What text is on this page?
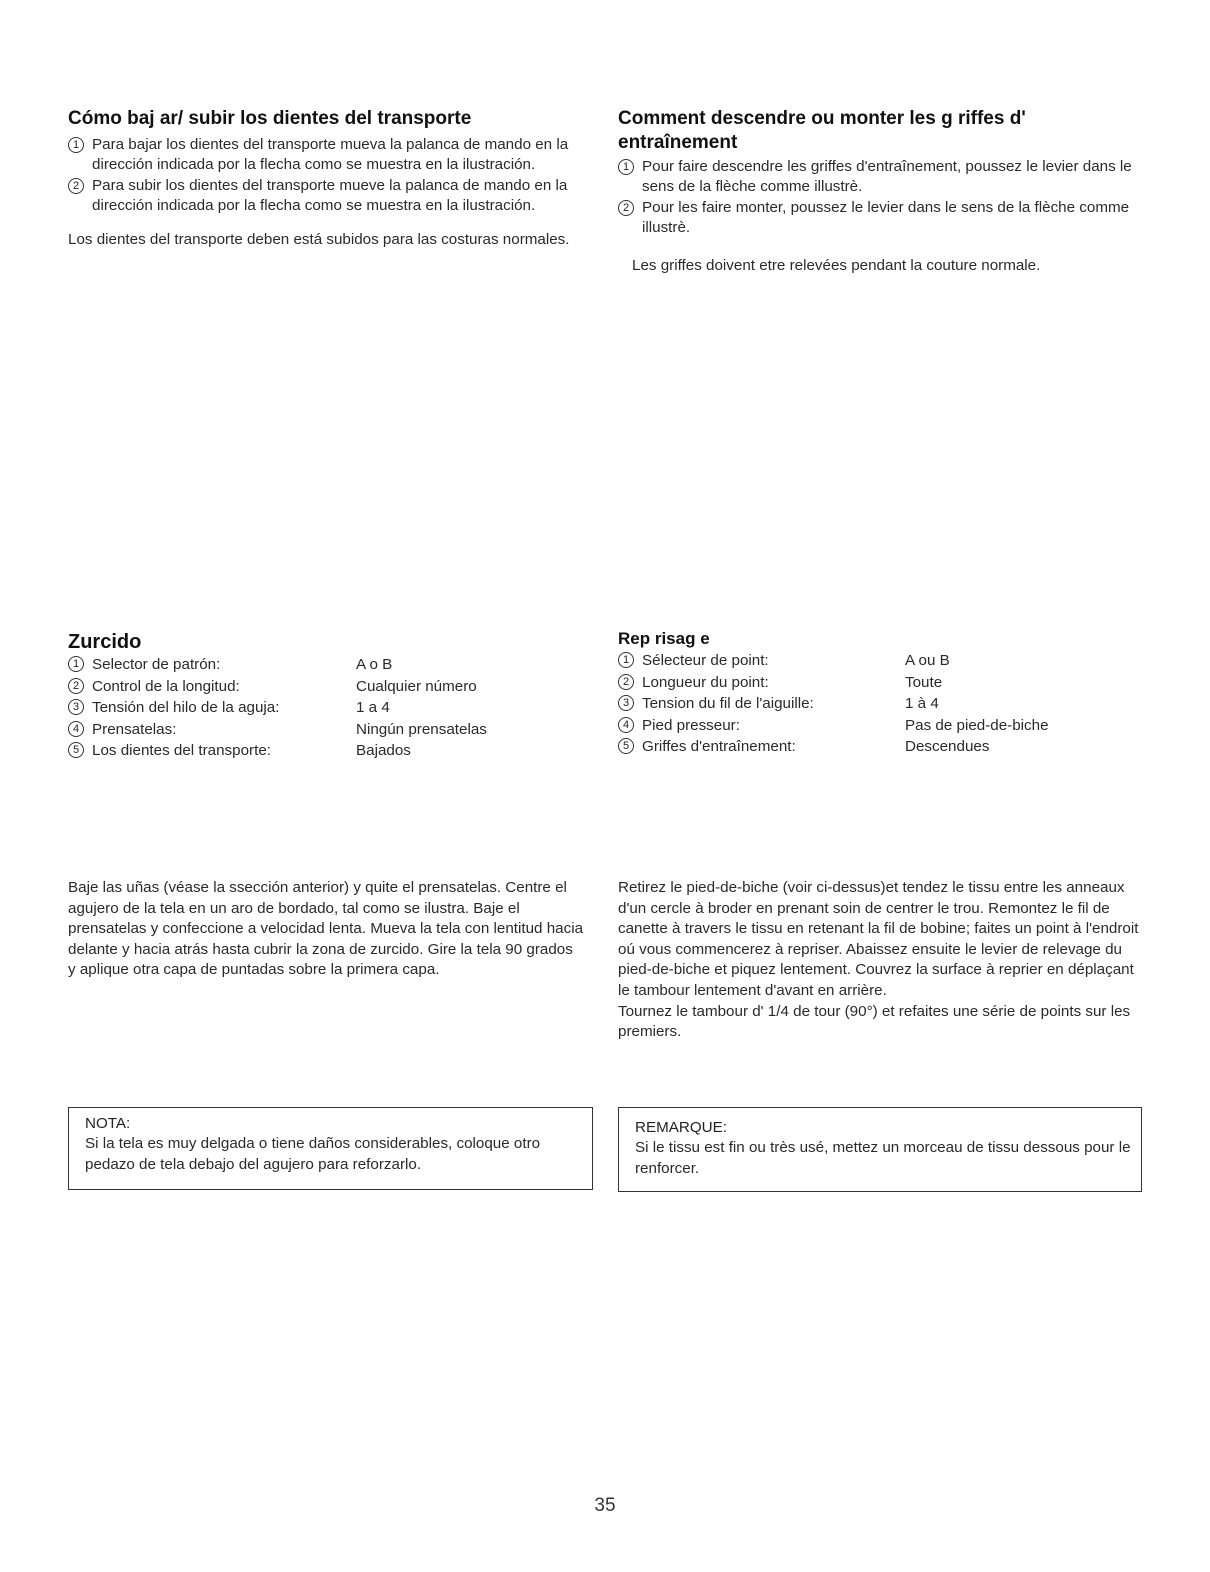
Cómo baj ar/ subir los dientes del transporte
1 Para bajar los dientes del transporte mueva la palanca de mando en la dirección indicada por la flecha como se muestra en la ilustración.
2 Para subir los dientes del transporte mueve la palanca de mando en la dirección indicada por la flecha como se muestra en la ilustración.

Los dientes del transporte deben está subidos para las costuras normales.

Comment descendre ou monter les g riffes d' entraînement
1 Pour faire descendre les griffes d'entraînement, poussez le levier dans le sens de la flèche comme illustrè.
2 Pour les faire monter, poussez le levier dans le sens de la flèche comme illustrè.

Les griffes doivent etre relevées pendant la couture normale.

Zurcido
1 Selector de patrón:	A o B
2 Control de la longitud:	Cualquier número
3 Tensión del hilo de la aguja:	1 a 4
4 Prensatelas:	Ningún prensatelas
5 Los dientes del transporte:	Bajados
Rep risag e
1 Sélecteur de point:	A ou B
2 Longueur du point:	Toute
3 Tension du fil de l'aiguille:	1 à 4
4 Pied presseur:	Pas de pied-de-biche
5 Griffes d'entraînement:	Descendues

Baje las uñas (véase la ssección anterior) y quite el prensatelas. Centre el agujero de la tela en un aro de bordado, tal como se ilustra. Baje el prensatelas y confeccione a velocidad lenta. Mueva la tela con lentitud hacia delante y hacia atrás hasta cubrir la zona de zurcido. Gire la tela 90 grados y aplique otra capa de puntadas sobre la primera capa.

Retirez le pied-de-biche (voir ci-dessus)et tendez le tissu entre les anneaux d'un cercle à broder en prenant soin de centrer le trou. Remontez le fil de canette à travers le tissu en retenant la fil de bobine; faites un point à l'endroit oú vous commencerez à repriser. Abaissez ensuite le levier de relevage du pied-de-biche et piquez lentement. Couvrez la surface à reprier en déplaçant le tambour lentement d'avant en arrière.

Tournez le tambour d' 1/4 de tour (90°) et refaites une série de points sur les premiers.

NOTA:
Si la tela es muy delgada o tiene daños considerables, coloque otro pedazo de tela debajo del agujero para reforzarlo.
REMARQUE:
Si le tissu est fin ou très usé, mettez un morceau de tissu dessous pour le renforcer.
35
